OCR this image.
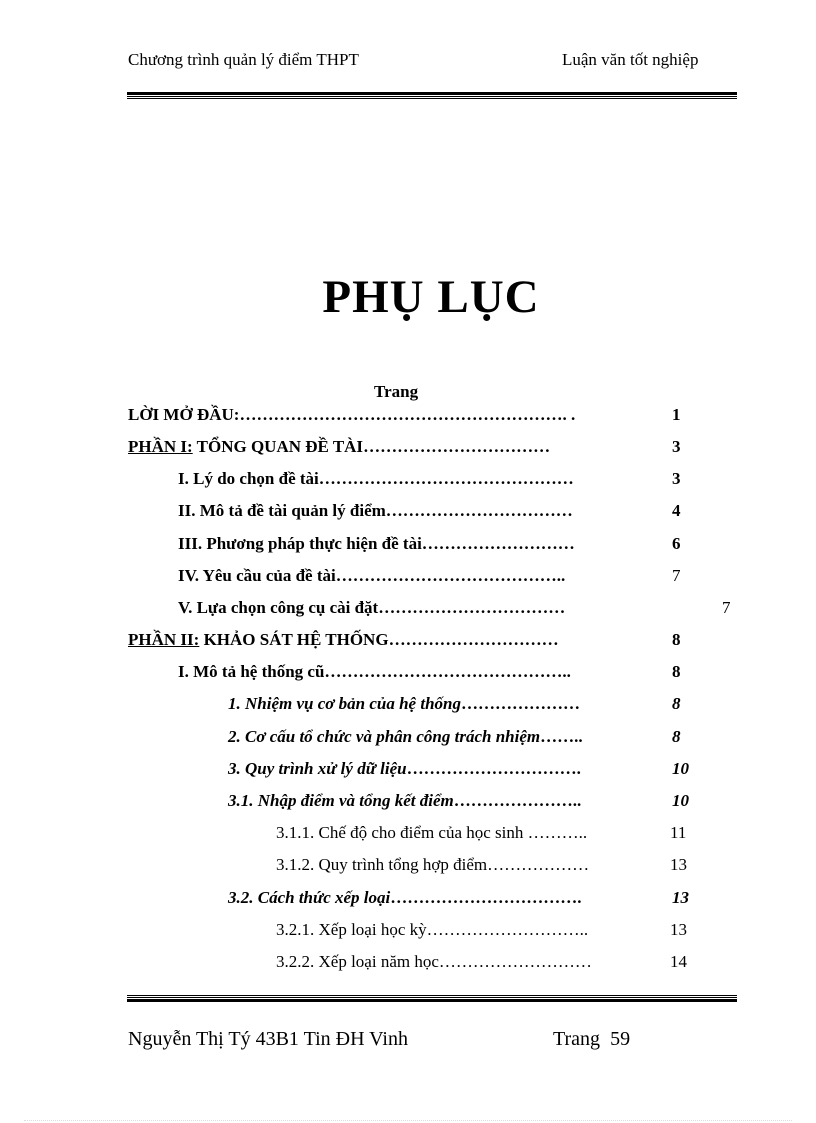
Chương trình quản lý điểm THPT	Luận văn tốt nghiệp
PHỤ LỤC
Trang
LỜI MỞ ĐẦU:…………………………………………………. .	1
PHẦN I: TỔNG QUAN ĐỀ TÀI……………………………	3
I. Lý do chọn đề tài………………………………………	3
II. Mô tả đề tài quản lý điểm……………………………	4
III. Phương pháp thực hiện đề tài………………………	6
IV. Yêu cầu của đề tài…………………………………..	7
V. Lựa chọn công cụ cài đặt……………………………	7
PHẦN II: KHẢO SÁT HỆ THỐNG…………………………	8
I. Mô tả hệ thống cũ……………………………………..	8
1. Nhiệm vụ cơ bản của hệ thống…………………	8
2. Cơ cấu tổ chức và phân công trách nhiệm……..	8
3. Quy trình xử lý dữ liệu………………………….	10
3.1. Nhập điểm và tổng kết điểm…………………..	10
3.1.1. Chế độ cho điểm của học sinh ………..	11
3.1.2. Quy trình tổng hợp điểm………………	13
3.2. Cách thức xếp loại…………………………….	13
3.2.1. Xếp loại học kỳ………………………..	13
3.2.2. Xếp loại năm học………………………	14
Nguyễn Thị Tý 43B1 Tin ĐH Vinh	Trang 59
